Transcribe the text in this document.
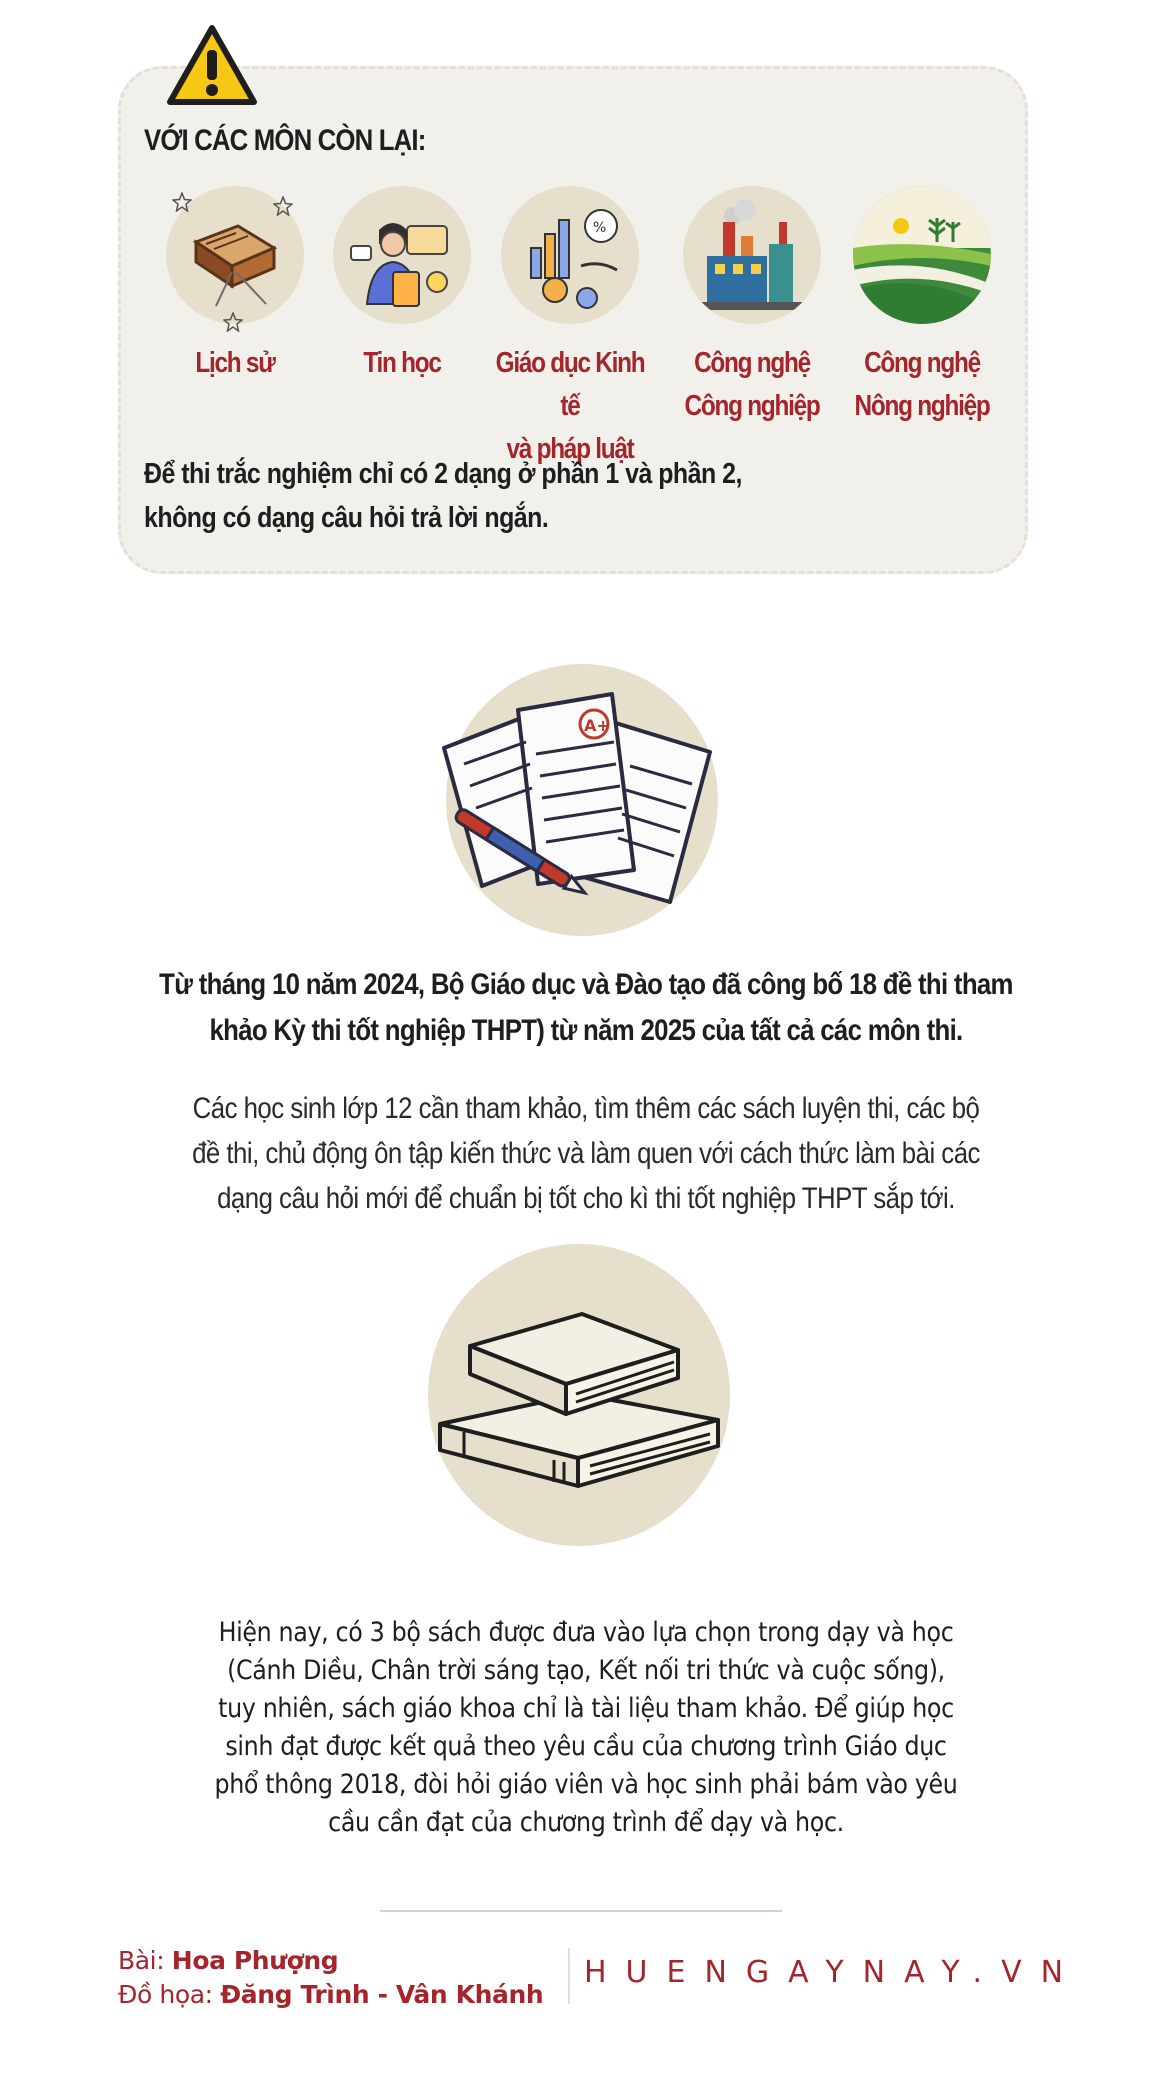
VỚI CÁC MÔN CÒN LẠI:
Lịch sử	Tin học
%
Giáo dục Kinh tế
và pháp luật
Công nghệ
Công nghiệp
Công nghệ
Nông nghiệp
Để thi trắc nghiệm chỉ có 2 dạng ở phần 1 và phần 2,
không có dạng câu hỏi trả lời ngắn.
A+
Từ tháng 10 năm 2024, Bộ Giáo dục và Đào tạo đã công bố 18 đề thi tham
khảo Kỳ thi tốt nghiệp THPT) từ năm 2025 của tất cả các môn thi.
Các học sinh lớp 12 cần tham khảo, tìm thêm các sách luyện thi, các bộ
đề thi, chủ động ôn tập kiến thức và làm quen với cách thức làm bài các
dạng câu hỏi mới để chuẩn bị tốt cho kì thi tốt nghiệp THPT sắp tới.
Hiện nay, có 3 bộ sách được đưa vào lựa chọn trong dạy và học
(Cánh Diều, Chân trời sáng tạo, Kết nối tri thức và cuộc sống),
tuy nhiên, sách giáo khoa chỉ là tài liệu tham khảo. Để giúp học
sinh đạt được kết quả theo yêu cầu của chương trình Giáo dục
phổ thông 2018, đòi hỏi giáo viên và học sinh phải bám vào yêu
cầu cần đạt của chương trình để dạy và học.
Bài: Hoa Phượng
Đồ họa: Đăng Trình - Vân Khánh
HUENGAYNAY.VN
